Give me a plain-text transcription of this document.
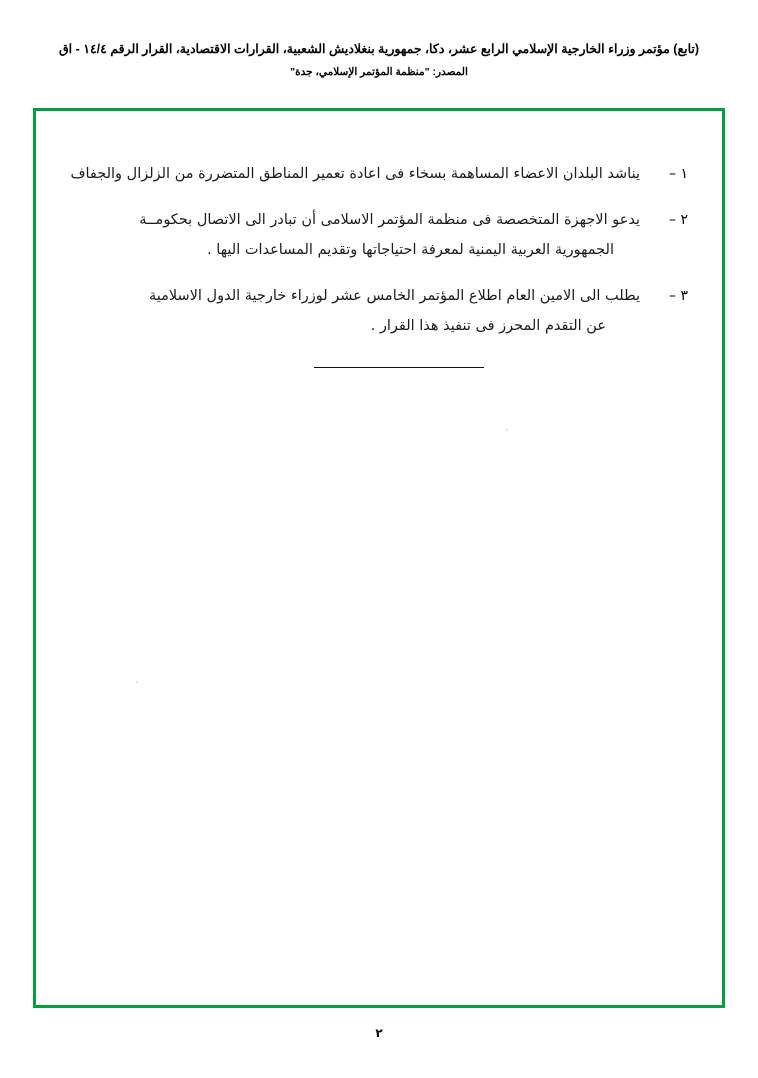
(تابع) مؤتمر وزراء الخارجية الإسلامي الرابع عشر، دكا، جمهورية بنغلاديش الشعبية، القرارات الاقتصادية، القرار الرقم ١٤/٤ - اق
المصدر: "منظمة المؤتمر الإسلامي، جدة"
١ –
يناشد البلدان الاعضاء المساهمة بسخاء فى اعادة تعمير المناطق المتضررة من الزلزال والجفاف
٢ –
يدعو الاجهزة المتخصصة فى منظمة المؤتمر الاسلامى أن تبادر الى الاتصال بحكومــة
الجمهورية العربية اليمنية لمعرفة احتياجاتها وتقديم المساعدات اليها .
٣ –
يطلب الى الامين العام اطلاع المؤتمر الخامس عشر لوزراء خارجية الدول الاسلامية
عن التقدم المحرز فى تنفيذ هذا القرار .
٢
